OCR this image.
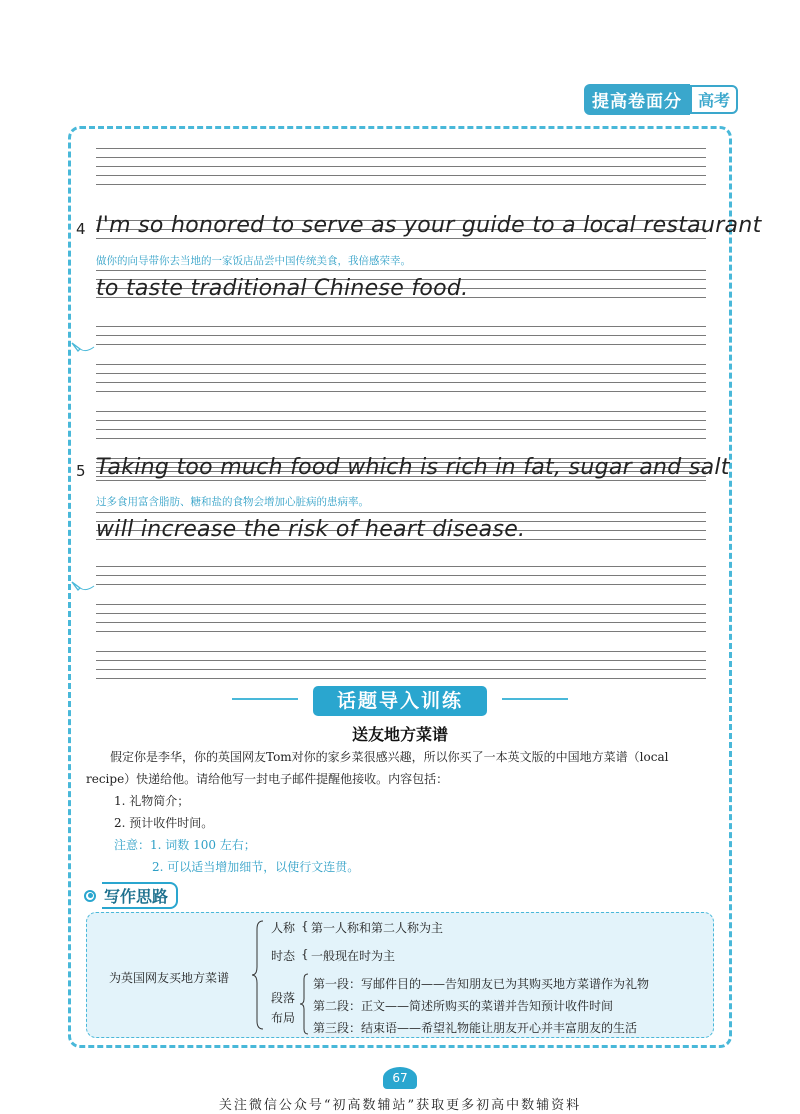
提高卷面分	高考
4 I'm so honored to serve as your guide to a local restaurant
做你的向导带你去当地的一家饭店品尝中国传统美食，我倍感荣幸。
to taste traditional Chinese food.
5 Taking too much food which is rich in fat, sugar and salt
过多食用富含脂肪、糖和盐的食物会增加心脏病的患病率。
will increase the risk of heart disease.
话题导入训练
送友地方菜谱

假定你是李华，你的英国网友Tom对你的家乡菜很感兴趣，所以你买了一本英文版的中国地方菜谱（local

recipe）快递给他。请给他写一封电子邮件提醒他接收。内容包括：

1. 礼物简介；

2. 预计收件时间。

注意：1. 词数 100 左右；

2. 可以适当增加细节，以使行文连贯。

写作思路
为英国网友买地方菜谱
人称 { 第一人称和第二人称为主
时态 { 一般现在时为主
段落
布局
第一段：写邮件目的——告知朋友已为其购买地方菜谱作为礼物
第二段：正文——简述所购买的菜谱并告知预计收件时间
第三段：结束语——希望礼物能让朋友开心并丰富朋友的生活
67
关注微信公众号“初高数辅站”获取更多初高中数辅资料
